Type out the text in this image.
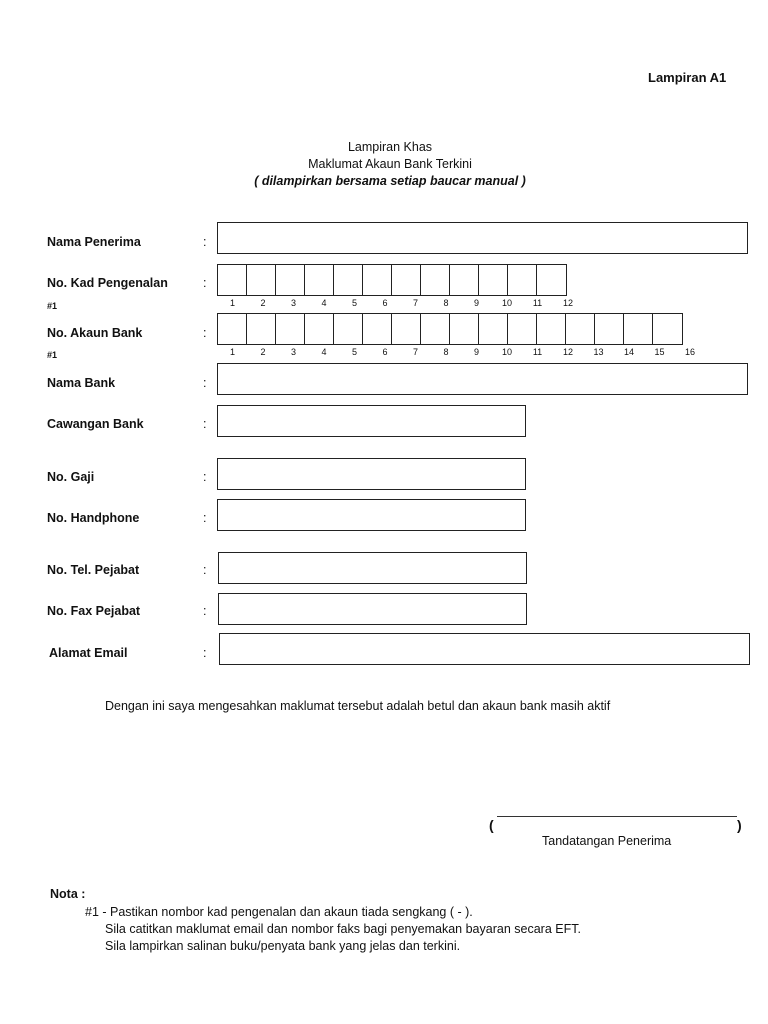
Lampiran A1
Lampiran Khas
Maklumat Akaun Bank Terkini
( dilampirkan bersama setiap baucar manual )
Nama Penerima	:
No. Kad Pengenalan	:
#1	1	2	3	4	5	6	7	8	9	10	11	12
No. Akaun Bank	:
#1	1	2	3	4	5	6	7	8	9	10	11	12	13	14	15	16
Nama Bank	:
Cawangan Bank	:
No. Gaji	:
No. Handphone	:
No. Tel. Pejabat	:
No. Fax Pejabat	:
Alamat Email	:
Dengan ini saya mengesahkan maklumat tersebut adalah betul dan akaun bank masih aktif
(	)
Tandatangan Penerima
Nota :
#1 - Pastikan nombor kad pengenalan dan akaun tiada sengkang ( - ).
Sila catitkan maklumat email dan nombor faks bagi penyemakan bayaran secara EFT.
Sila lampirkan salinan buku/penyata bank yang jelas dan terkini.
